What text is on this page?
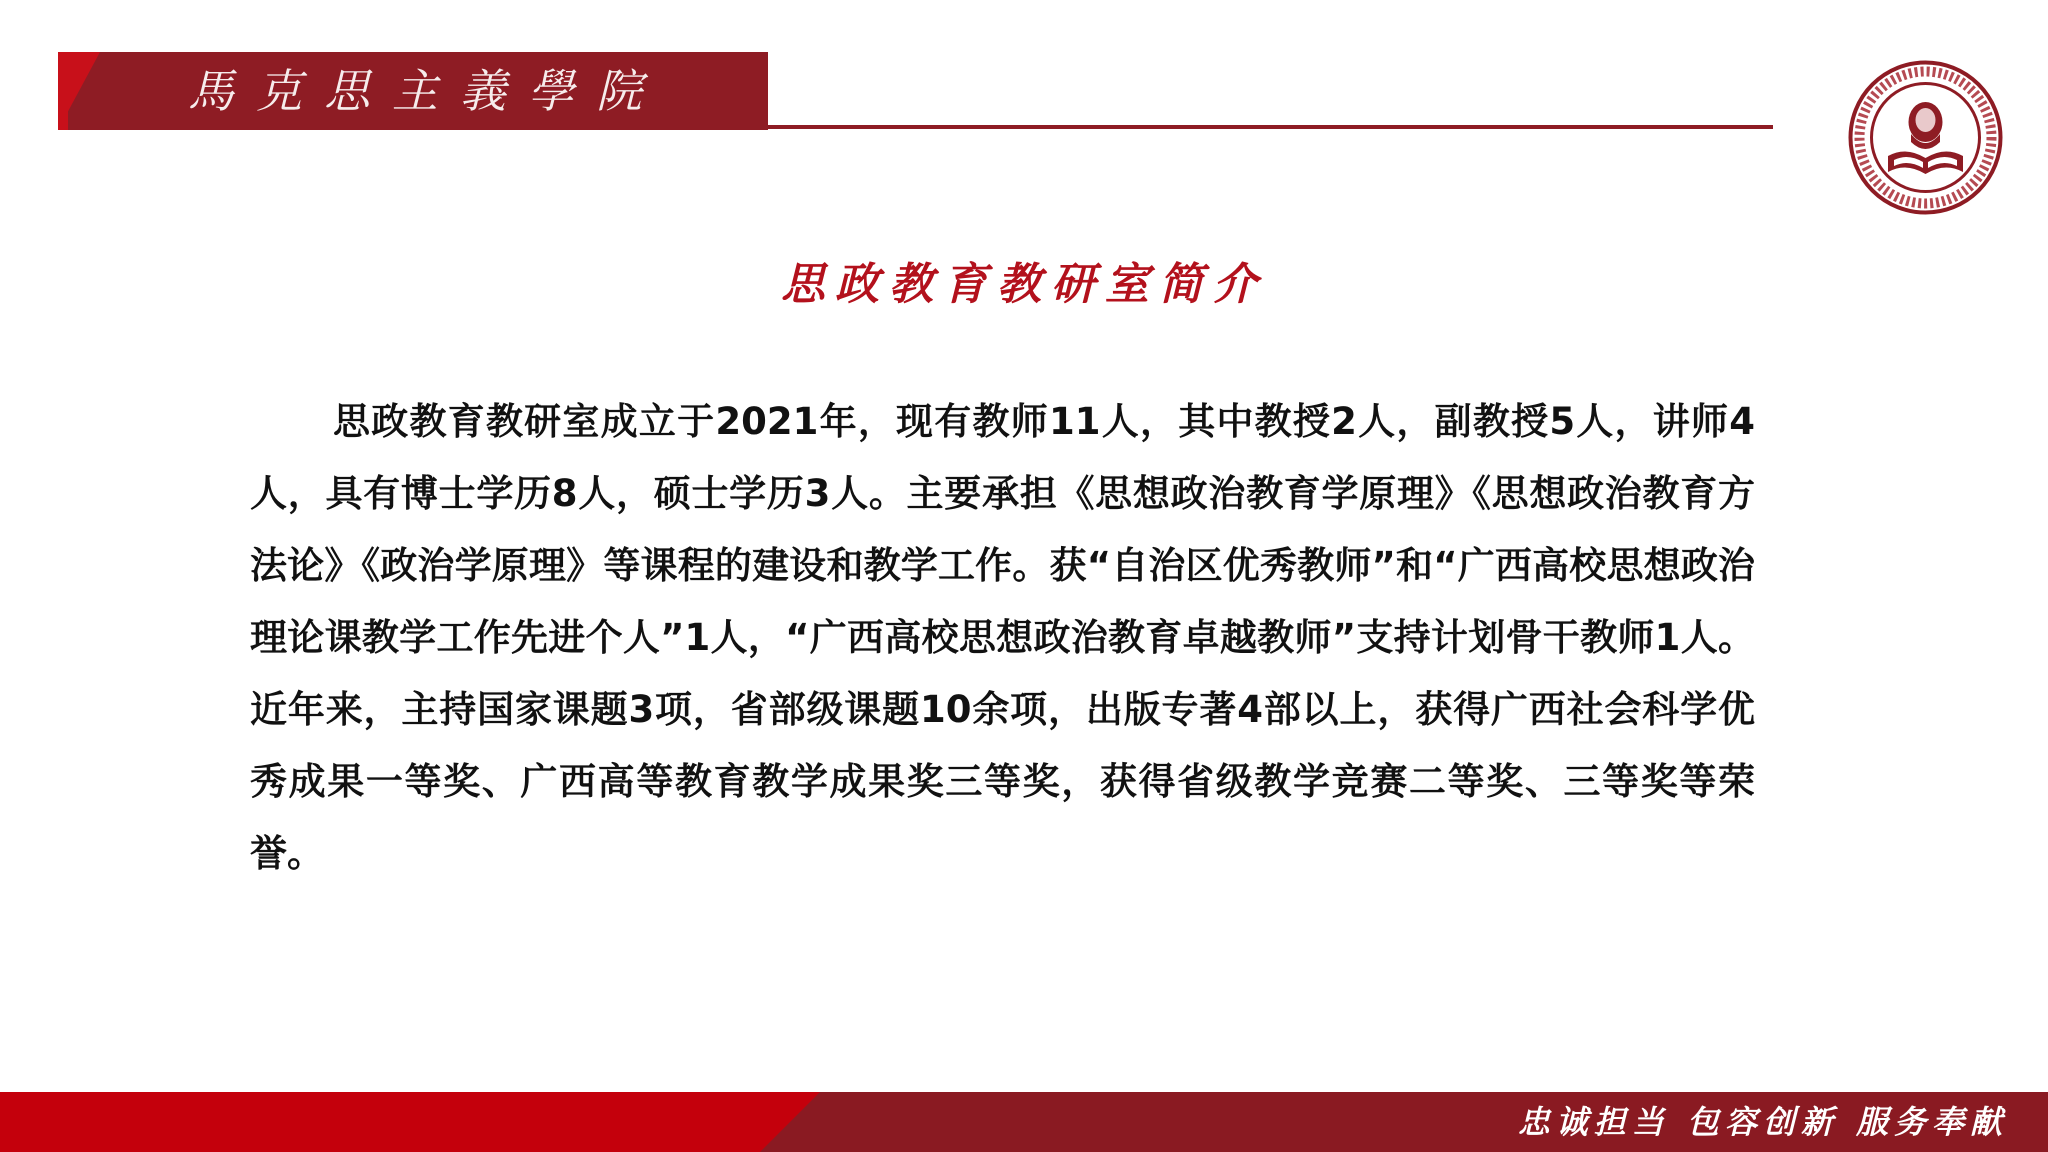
馬克思主義學院
思政教育教研室简介

思政教育教研室成立于2021年，现有教师11人，其中教授2人，副教授5人，讲师4人，具有博士学历8人，硕士学历3人。主要承担《思想政治教育学原理》《思想政治教育方法论》《政治学原理》等课程的建设和教学工作。获“自治区优秀教师”和“广西高校思想政治理论课教学工作先进个人”1人，“广西高校思想政治教育卓越教师”支持计划骨干教师1人。近年来，主持国家课题3项，省部级课题10余项，出版专著4部以上，获得广西社会科学优秀成果一等奖、广西高等教育教学成果奖三等奖，获得省级教学竞赛二等奖、三等奖等荣誉。

忠诚担当 包容创新 服务奉献
